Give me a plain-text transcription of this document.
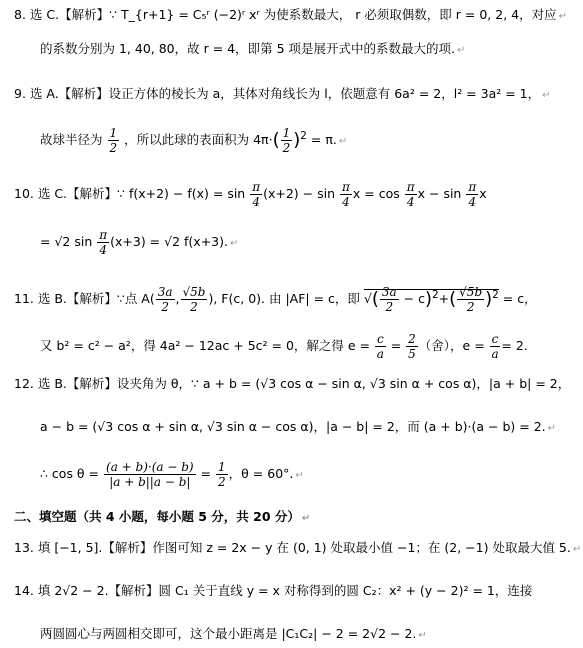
8. 选 C.【解析】∵ T_{r+1} = C₅ʳ (−2)ʳ xʳ 为使系数最大， r 必须取偶数，即 r = 0, 2, 4，对应 ↵
的系数分别为 1, 40, 80，故 r = 4，即第 5 项是展开式中的系数最大的项. ↵
9. 选 A.【解析】设正方体的棱长为 a，其体对角线长为 l，依题意有 6a² = 2，l² = 3a² = 1， ↵
故球半径为 $\frac{1}{2}$ ，所以此球的表面积为 $4\pi\cdot( \frac{1}{2} )^2 = \pi$. ↵
10. 选 C.【解析】∵ $f(x+2) - f(x) = \sin \frac{\pi}{4} (x+2) - \sin \frac{\pi}{4}$ $x = \cos \frac{\pi}{4}$ $x - \sin \frac{\pi}{4}$ x
= √2 $\sin \frac{\pi}{4} (x+3) = √2$ f(x+3). ↵
11. 选 B.【解析】∵点 $A( \frac{3a}{2}$ , $\frac{√5b}{2}$ ), F(c, 0). 由 |AF| = c，即 √( $\frac{3a}{2} - c)^2+( \frac{√5b}{2} )^2 = c$，
又 b² = c² − a²，得 4a² − 12ac + 5c² = 0，解之得 $e = \frac{c}{a} = \frac{2}{5}$ （舍），$e = \frac{c}{a} = 2$.
12. 选 B.【解析】设夹角为 θ，∵ a + b = (√3 cos α − sin α, √3 sin α + cos α)，|a + b| = 2，
a − b = (√3 cos α + sin α, √3 sin α − cos α)，|a − b| = 2，而 (a + b)·(a − b) = 2. ↵
∴ $\cos \theta = \frac{(a + b)\cdot(a - b)}{|a + b||a - b|} = \frac{1}{2}$ ，θ = 60°. ↵
二、填空题（共 4 小题，每小题 5 分，共 20 分） ↵
13. 填 [−1, 5].【解析】作图可知 z = 2x − y 在 (0, 1) 处取最小值 −1；在 (2, −1) 处取最大值 5. ↵
14. 填 2√2 − 2.【解析】圆 C₁ 关于直线 y = x 对称得到的圆 C₂：x² + (y − 2)² = 1，连接
两圆圆心与两圆相交即可，这个最小距离是 |C₁C₂| − 2 = 2√2 − 2. ↵
